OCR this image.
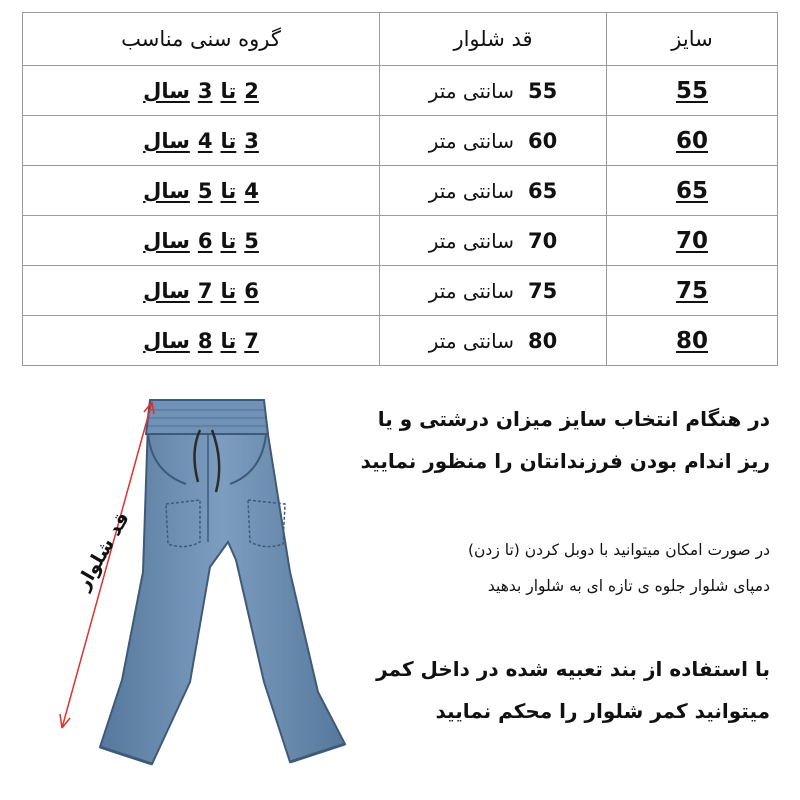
سایز	قد شلوار	گروه سنی مناسب
55	55سانتی متر	2تا3سال
60	60سانتی متر	3تا4سال
65	65سانتی متر	4تا5سال
70	70سانتی متر	5تا6سال
75	75سانتی متر	6تا7سال
80	80سانتی متر	7تا8سال
قد شلوار
در هنگام انتخاب سایز میزان درشتی و یا
ریز اندام بودن فرزندانتان را منظور نمایید
در صورت امکان میتوانید با دوبل کردن (تا زدن)
دمپای شلوار جلوه ی تازه ای به شلوار بدهید
با استفاده از بند تعبیه شده در داخل کمر
میتوانید کمر شلوار را محکم نمایید
